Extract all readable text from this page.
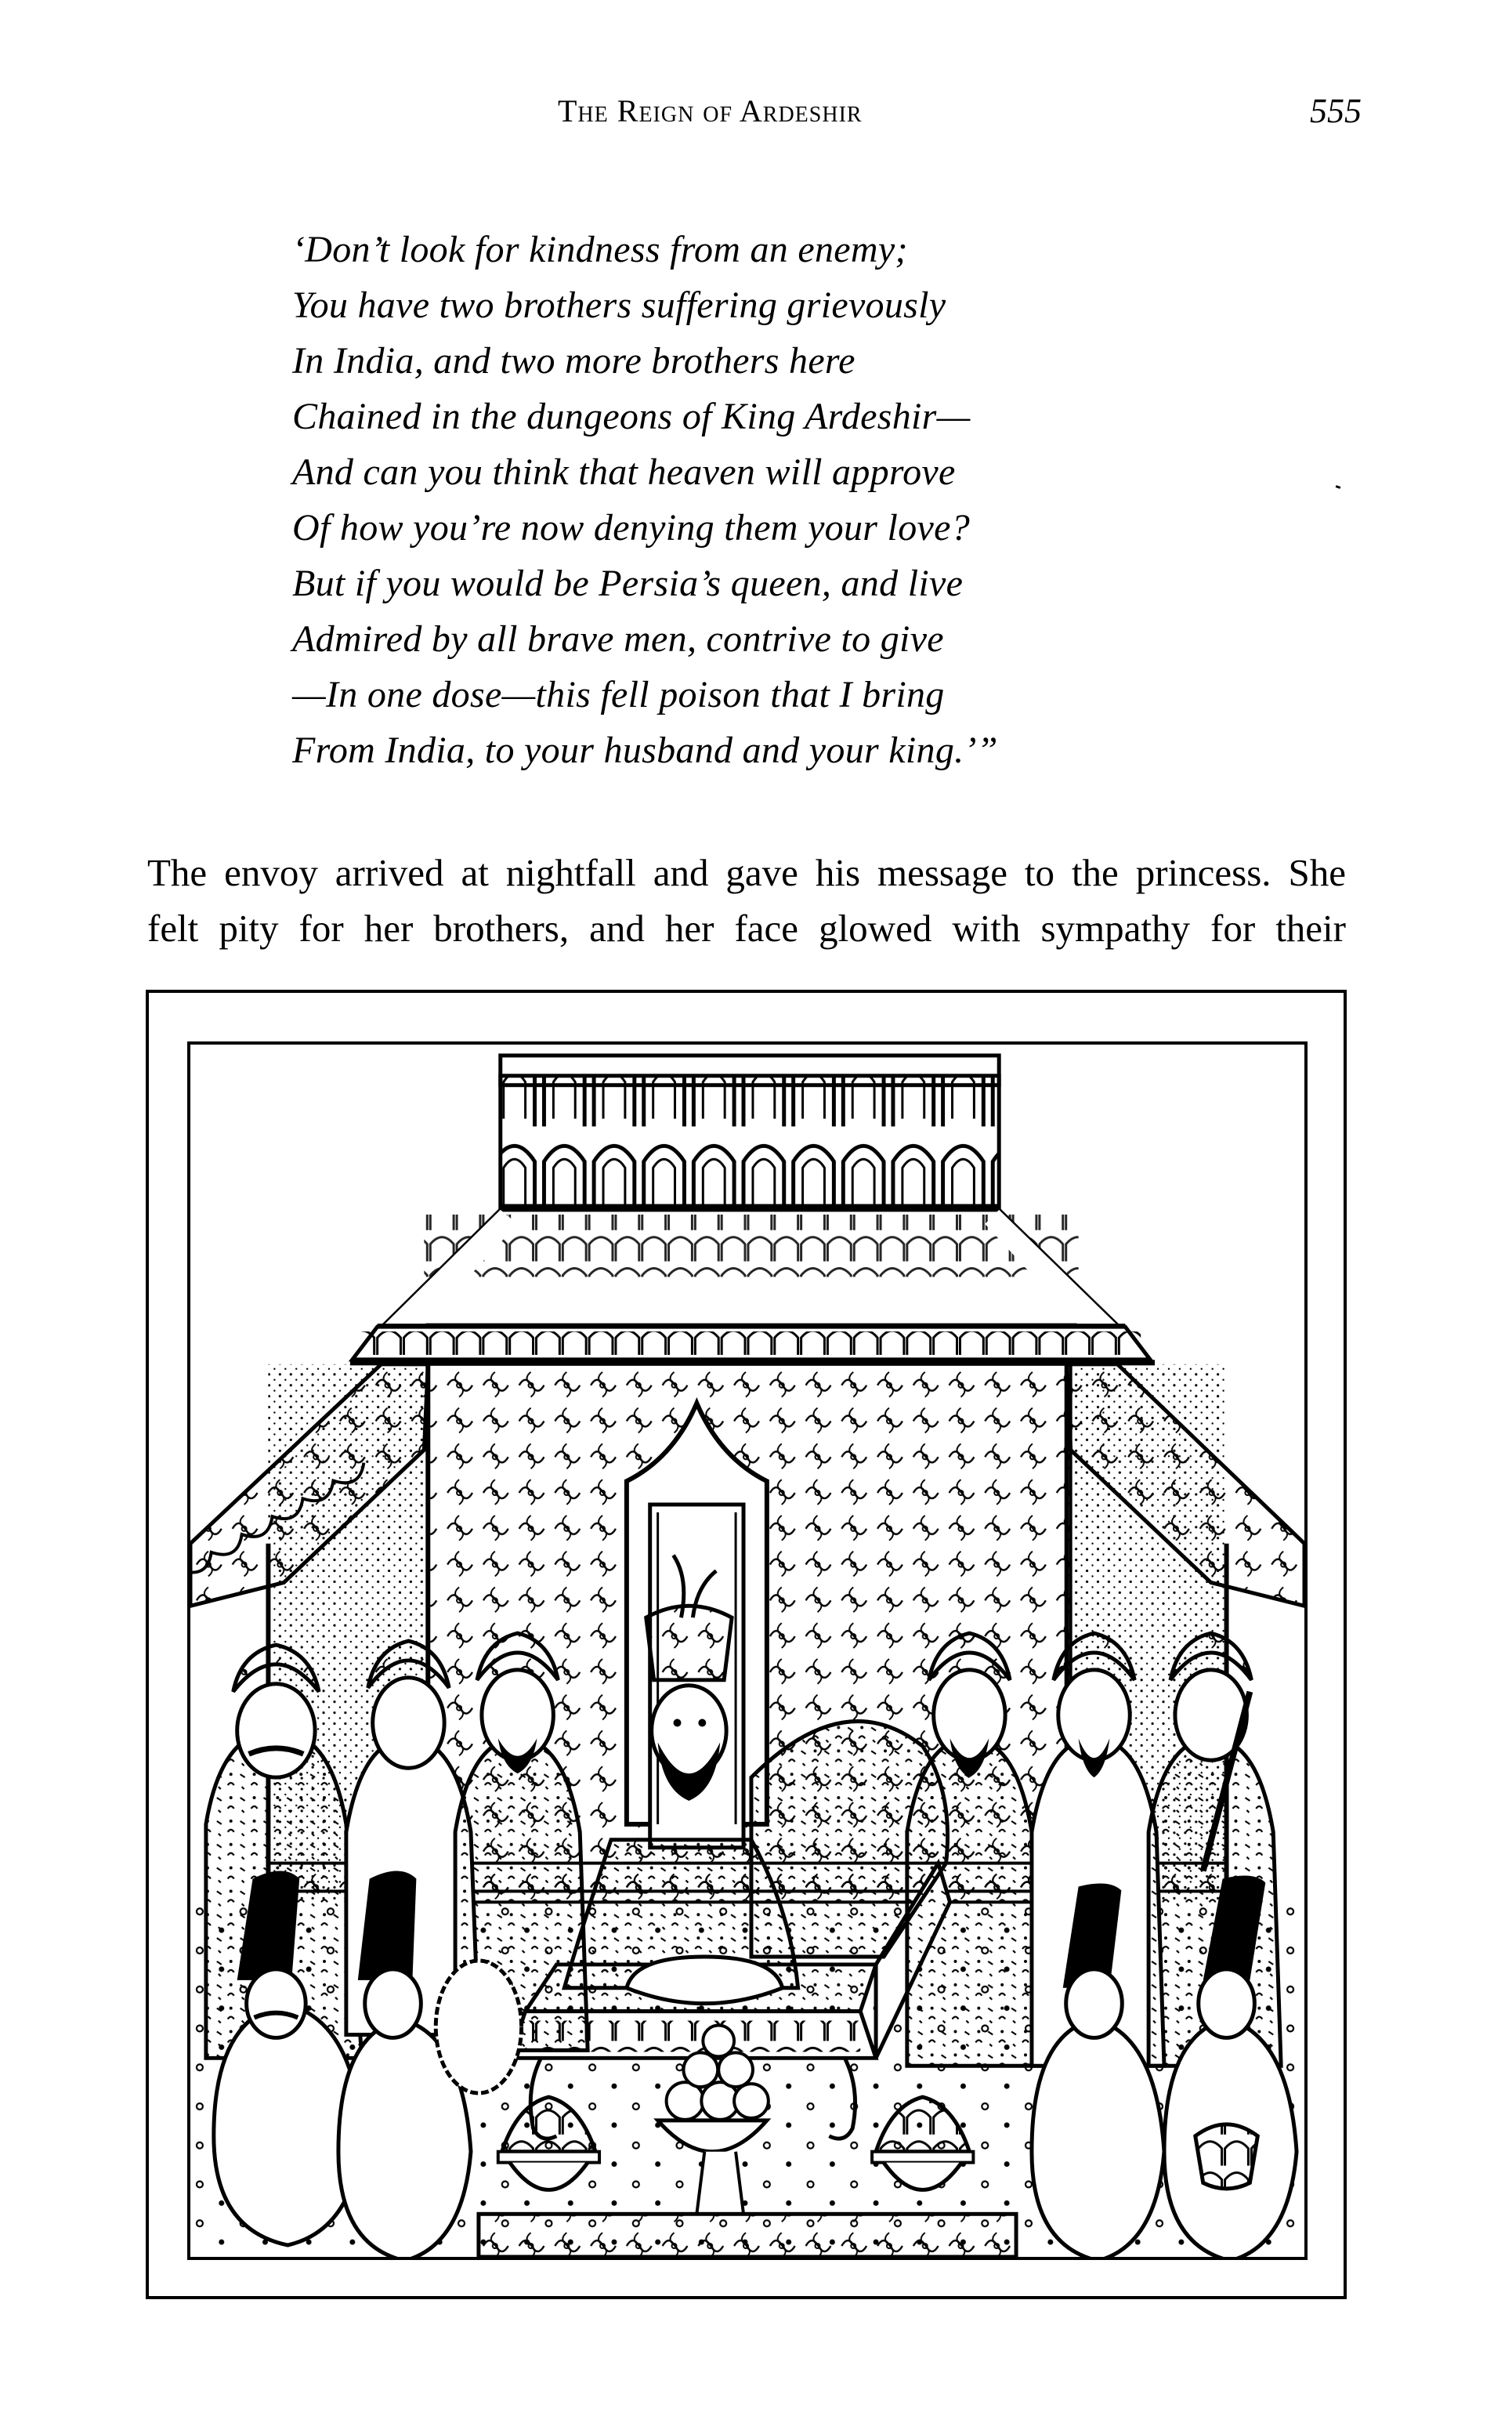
The Reign of Ardeshir	555
‘Don’t look for kindness from an enemy;
You have two brothers suffering grievously
In India, and two more brothers here
Chained in the dungeons of King Ardeshir—
And can you think that heaven will approve
Of how you’re now denying them your love?
But if you would be Persia’s queen, and live
Admired by all brave men, contrive to give
—In one dose—this fell poison that I bring
From India, to your husband and your king.’”
The envoy arrived at nightfall and gave his message to the princess. She
felt pity for her brothers, and her face glowed with sympathy for their
